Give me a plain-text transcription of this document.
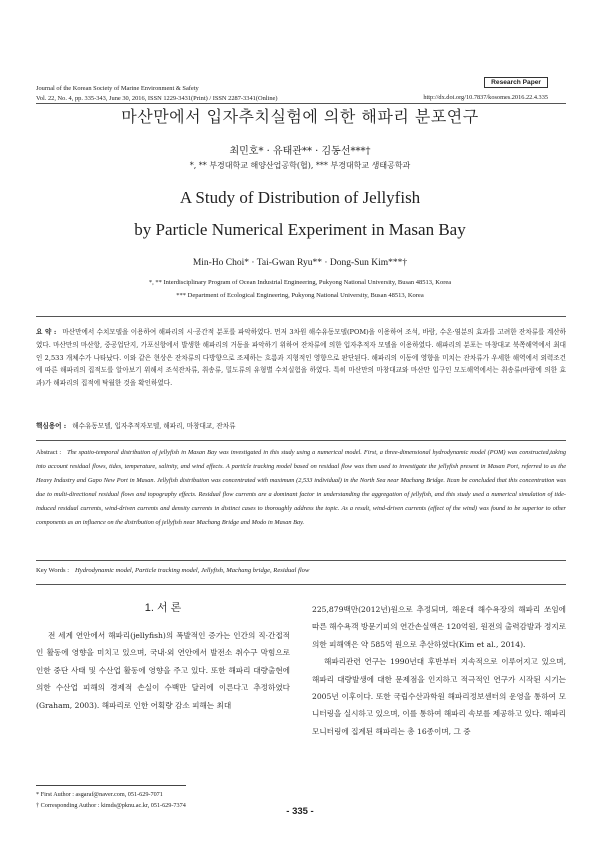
Journal of the Korean Society of Marine Environment & Safety
Vol. 22, No. 4, pp. 335-343, June 30, 2016, ISSN 1229-3431(Print) / ISSN 2287-3341(Online)
Research Paper
http://dx.doi.org/10.7837/kosomes.2016.22.4.335
마산만에서 입자추치실험에 의한 해파리 분포연구
최민호* · 유태관** · 김동선***†
*, ** 부경대학교 해양산업공학(협), *** 부경대학교 생태공학과
A Study of Distribution of Jellyfish
by Particle Numerical Experiment in Masan Bay
Min-Ho Choi* · Tai-Gwan Ryu** · Dong-Sun Kim***†
*, ** Interdisciplinary Program of Ocean Industrial Engineering, Pukyong National University, Busan 48513, Korea
*** Department of Ecological Engineering, Pukyong National University, Busan 48513, Korea
요 약 : 마산만에서 수치모델을 이용하여 해파리의 시·공간적 분포를 파악하였다. 먼저 3차원 해수유동모델(POM)을 이용하여 조석, 바람, 수온·염분의 효과를 고려한 잔차류를 계산하였다. 마산만의 마산항, 중공업단지, 가포신항에서 발생한 해파리의 거동을 파악하기 위하여 잔차류에 의한 입자추적자 모델을 이용하였다. 해파리의 분포는 마창대교 북쪽해역에서 최대인 2,533 개체수가 나타났다. 이와 같은 현상은 잔차류의 다방향으로 조제하는 흐름과 지형적인 영향으로 판단된다. 해파리의 이동에 영향을 미치는 잔차류가 우세한 해역에서 외력조건에 따른 해파리의 집적도를 알아보기 위해서 조석잔차류, 취송류, 밀도류의 유형별 수치실험을 하였다. 특히 마산만의 마창대교와 마산만 입구인 모도해역에서는 취송류(바람에 의한 효과)가 해파리의 집적에 탁월한 것을 확인하였다.
핵심용어 : 해수유동모델, 입자추적자모델, 해파리, 마창대교, 잔차류
Abstract : The spatio-temporal distribution of jellyfish in Masan Bay was investigated in this study using a numerical model. First, a three-dimensional hydrodynamic model (POM) was constructed,taking into account residual flows, tides, temperature, salinity, and wind effects. A particle tracking model based on residual flow was then used to investigate the jellyfish present in Masan Port, referred to as the Heavy Industry and Gapo New Port in Masan. Jellyfish distribution was concentrated with maximum (2,533 individual) in the North Sea near Machang Bridge. Itcan be concluded that this concentration was due to multi-directional residual flows and topography effects. Residual flow currents are a dominant factor in understanding the aggregation of jellyfish, and this study used a numerical simulation of tide-induced residual currents, wind-driven currents and density currents in distinct cases to thoroughly address the topic. As a result, wind-driven currents (effect of the wind) was found to be superior to other components as an influence on the distribution of jellyfish near Machang Bridge and Modo in Masan Bay.
Key Words : Hydrodynamic model, Particle tracking model, Jellyfish, Machang bridge, Residual flow
1. 서 론

전 세계 연안에서 해파리(jellyfish)의 폭발적인 증가는 인간의 직·간접적인 활동에 영향을 미치고 있으며, 국내·외 연안에서 발전소 취수구 막힘으로 인한 중단 사태 및 수산업 활동에 영향을 주고 있다. 또한 해파리 대량출현에 의한 수산업 피해의 경제적 손실이 수백만 달러에 이른다고 추정하였다(Graham, 2003). 해파리로 인한 어획량 감소 피해는 최대

225,879백만(2012년)원으로 추정되며, 해운대 해수욕장의 해파리 쏘임에 따른 해수욕객 방문기피의 연간손실액은 120억원, 원전의 출력감발과 정지로 의한 피해액은 약 585억 원으로 추산하였다(Kim et al., 2014).

해파리관련 연구는 1990년대 후반부터 지속적으로 이루어지고 있으며, 해파리 대량발생에 대한 문제점을 인지하고 적극적인 연구가 시작된 시기는 2005년 이후이다. 또한 국립수산과학원 해파리정보센터의 운영을 통하여 모니터링을 실시하고 있으며, 이를 통하여 해파리 속보를 제공하고 있다. 해파리 모니터링에 집계된 해파리는 총 16종이며, 그 중

* First Author : asgaraf@naver.com, 051-629-7071
† Corresponding Author : kimds@pknu.ac.kr, 051-629-7374
- 335 -
